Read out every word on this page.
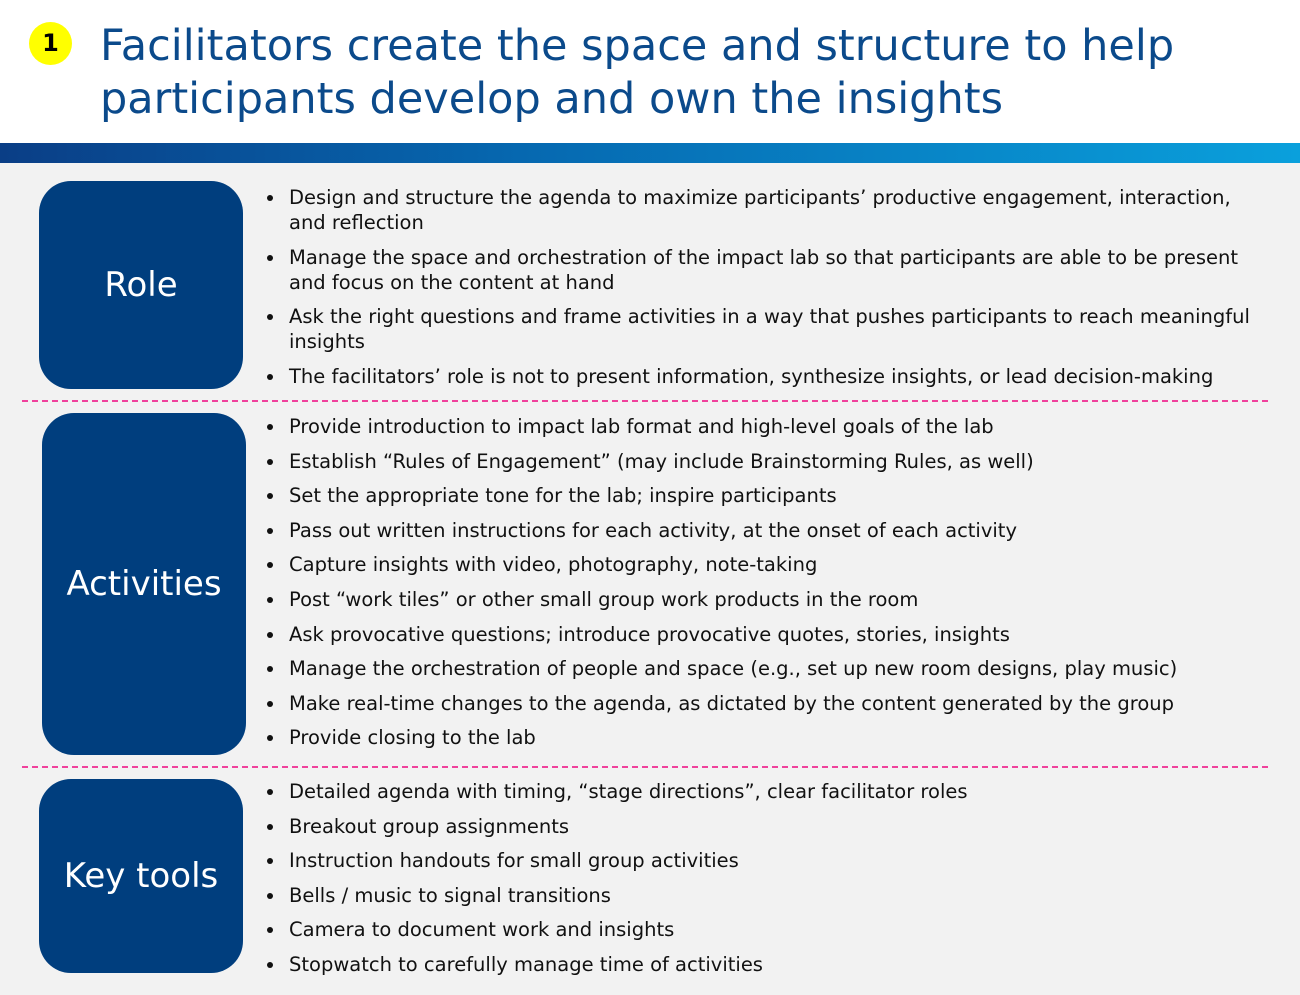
1 Facilitators create the space and structure to help participants develop and own the insights
Role
Design and structure the agenda to maximize participants’ productive engagement, interaction, and reflection
Manage the space and orchestration of the impact lab so that participants are able to be present and focus on the content at hand
Ask the right questions and frame activities in a way that pushes participants to reach meaningful insights
The facilitators’ role is not to present information, synthesize insights, or lead decision-making
Activities
Provide introduction to impact lab format and high-level goals of the lab
Establish “Rules of Engagement” (may include Brainstorming Rules, as well)
Set the appropriate tone for the lab; inspire participants
Pass out written instructions for each activity, at the onset of each activity
Capture insights with video, photography, note-taking
Post “work tiles” or other small group work products in the room
Ask provocative questions; introduce provocative quotes, stories, insights
Manage the orchestration of people and space (e.g., set up new room designs, play music)
Make real-time changes to the agenda, as dictated by the content generated by the group
Provide closing to the lab
Key tools
Detailed agenda with timing, “stage directions”, clear facilitator roles
Breakout group assignments
Instruction handouts for small group activities
Bells / music to signal transitions
Camera to document work and insights
Stopwatch to carefully manage time of activities
